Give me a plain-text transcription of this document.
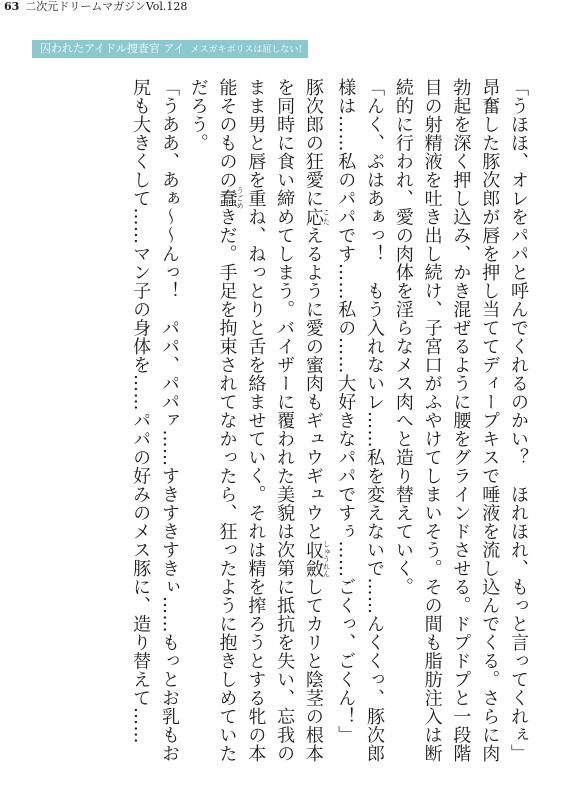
63 二次元ドリームマガジンVol.128
囚われたアイドル捜査官 アイ メスガキポリスは屈しない!

「うほほ、オレをパパと呼んでくれるのかい？　ほれほれ、もっと言ってくれぇ」

昂奮した豚次郎が唇を押し当ててディープキスで唾液を流し込んでくる。さらに肉勃起を深く押し込み、かき混ぜるように腰をグラインドさせる。ドプドプと一段階目の射精液を吐き出し続け、子宮口がふやけてしまいそう。その間も脂肪注入は断続的に行われ、愛の肉体を淫らなメス肉へと造り替えていく。

「んく、ぷはあぁっ！　もう入れないレ……私を変えないで……んくくっ、豚次郎様は……私のパパです……私の……大好きなパパですぅ……ごくっ、ごくん！」

豚次郎の狂愛に応こたえるように愛の蜜肉もギュウギュウと収斂しゅうれんしてカリと陰茎の根本を同時に食い締めてしまう。バイザーに覆われた美貌は次第に抵抗を失い、忘我のまま男と唇を重ね、ねっとりと舌を絡ませていく。それは精を搾ろうとする牝の本能そのものの蠢うごめきだ。手足を拘束されてなかったら、狂ったように抱きしめていただろう。

「うああ、あぁ～～んっ！　パパ、パパァ……すきすきすきぃ……もっとお乳もお尻も大きくして……マン子の身体を……パパの好みのメス豚に、造り替えて……
